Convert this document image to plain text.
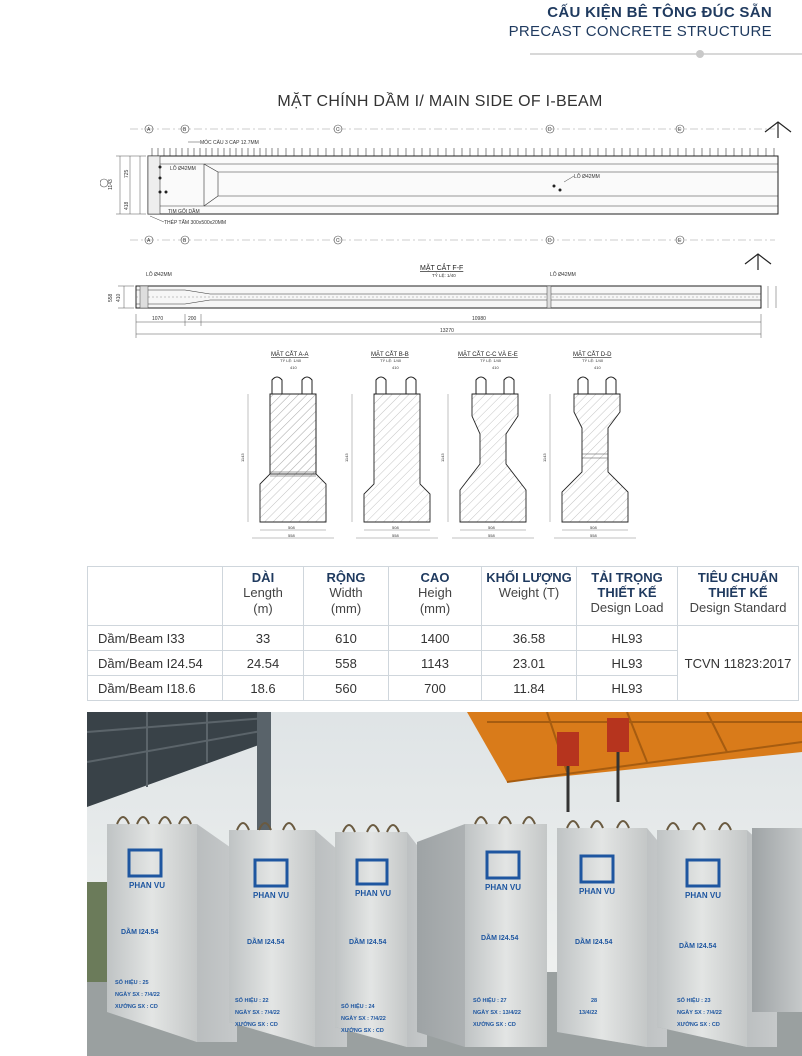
CẤU KIỆN BÊ TÔNG ĐÚC SẴN
PRECAST CONCRETE STRUCTURE
MẶT CHÍNH DẦM I/ MAIN SIDE OF I-BEAM
A	B	C	D	E
MÓC CẨU 3 CAP 12.7MM
1143
725
418
LỖ Ø42MM
LỖ Ø42MM
TIM GỐI DẦM
THÉP TẤM 300x500x20MM
A	B	C	D	E
MẶT CẮT F-F
TỶ LỆ: 1/40
LỖ Ø42MM	LỖ Ø42MM
558 410
1070	200	10980
13270
MẶT CẮT A-A
TỶ LỆ: 1/40
410
1143
508
558
MẶT CẮT B-B
TỶ LỆ: 1/40
410
1143
508
558
MẶT CẮT C-C VÀ E-E
TỶ LỆ: 1/40
410
1143
508
558
MẶT CẮT D-D
TỶ LỆ: 1/40
410
1143
508
558

	DÀI
Length
(m)	RỘNG
Width
(mm)	CAO
Heigh
(mm)	KHỐI LƯỢNG
Weight (T)	TẢI TRỌNG THIẾT KẾ
Design Load	TIÊU CHUẨN THIẾT KẾ
Design Standard

Dầm/Beam I33	33	610	1400	36.58	HL93	TCVN 11823:2017
Dầm/Beam I24.54	24.54	558	1143	23.01	HL93	
Dầm/Beam I18.6	18.6	560	700	11.84	HL93	
PHAN VU
PHAN VU	PHAN VU
PHAN VU	PHAN VU	PHAN VU
DẦM I24.54
DẦM I24.54	DẦM I24.54
DẦM I24.54
DẦM I24.54
DẦM I24.54
SỐ HIỆU : 25
NGÀY SX : 7/4/22
XƯỞNG SX : CD
SỐ HIỆU : 22
NGÀY SX : 7/4/22
XƯỞNG SX : CD
SỐ HIỆU : 24
NGÀY SX : 7/4/22
XƯỞNG SX : CD
SỐ HIỆU : 27
NGÀY SX : 13/4/22
XƯỞNG SX : CD
28
13/4/22
SỐ HIỆU : 23
NGÀY SX : 7/4/22
XƯỞNG SX : CD
